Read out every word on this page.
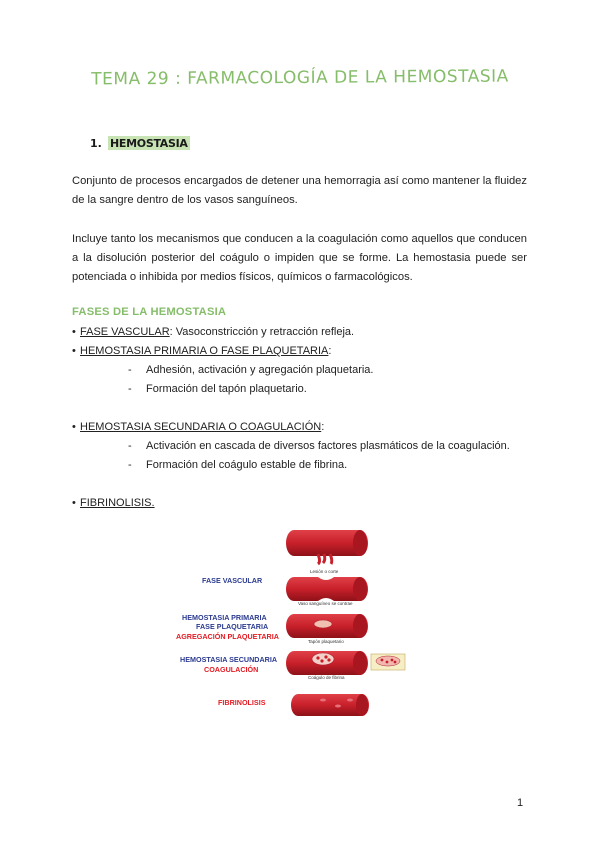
TEMA 29 : FARMACOLOGÍA DE LA HEMOSTASIA
1. HEMOSTASIA
Conjunto de procesos encargados de detener una hemorragia así como mantener la fluidez de la sangre dentro de los vasos sanguíneos.
Incluye tanto los mecanismos que conducen a la coagulación como aquellos que conducen a la disolución posterior del coágulo o impiden que se forme. La hemostasia puede ser potenciada o inhibida por medios físicos, químicos o farmacológicos.
FASES DE LA HEMOSTASIA
• FASE VASCULAR: Vasoconstricción y retracción refleja.
• HEMOSTASIA PRIMARIA O FASE PLAQUETARIA:
- Adhesión, activación y agregación plaquetaria.
- Formación del tapón plaquetario.
• HEMOSTASIA SECUNDARIA O COAGULACIÓN:
- Activación en cascada de diversos factores plasmáticos de la coagulación.
- Formación del coágulo estable de fibrina.
• FIBRINOLISIS.
Lesión o corte
Vaso sanguíneo se contrae
FASE VASCULAR
Tapón plaquetario
HEMOSTASIA PRIMARIA
FASE PLAQUETARIA
AGREGACIÓN PLAQUETARIA
Coágulo de fibrina
HEMOSTASIA SECUNDARIA
COAGULACIÓN
FIBRINOLISIS
1
